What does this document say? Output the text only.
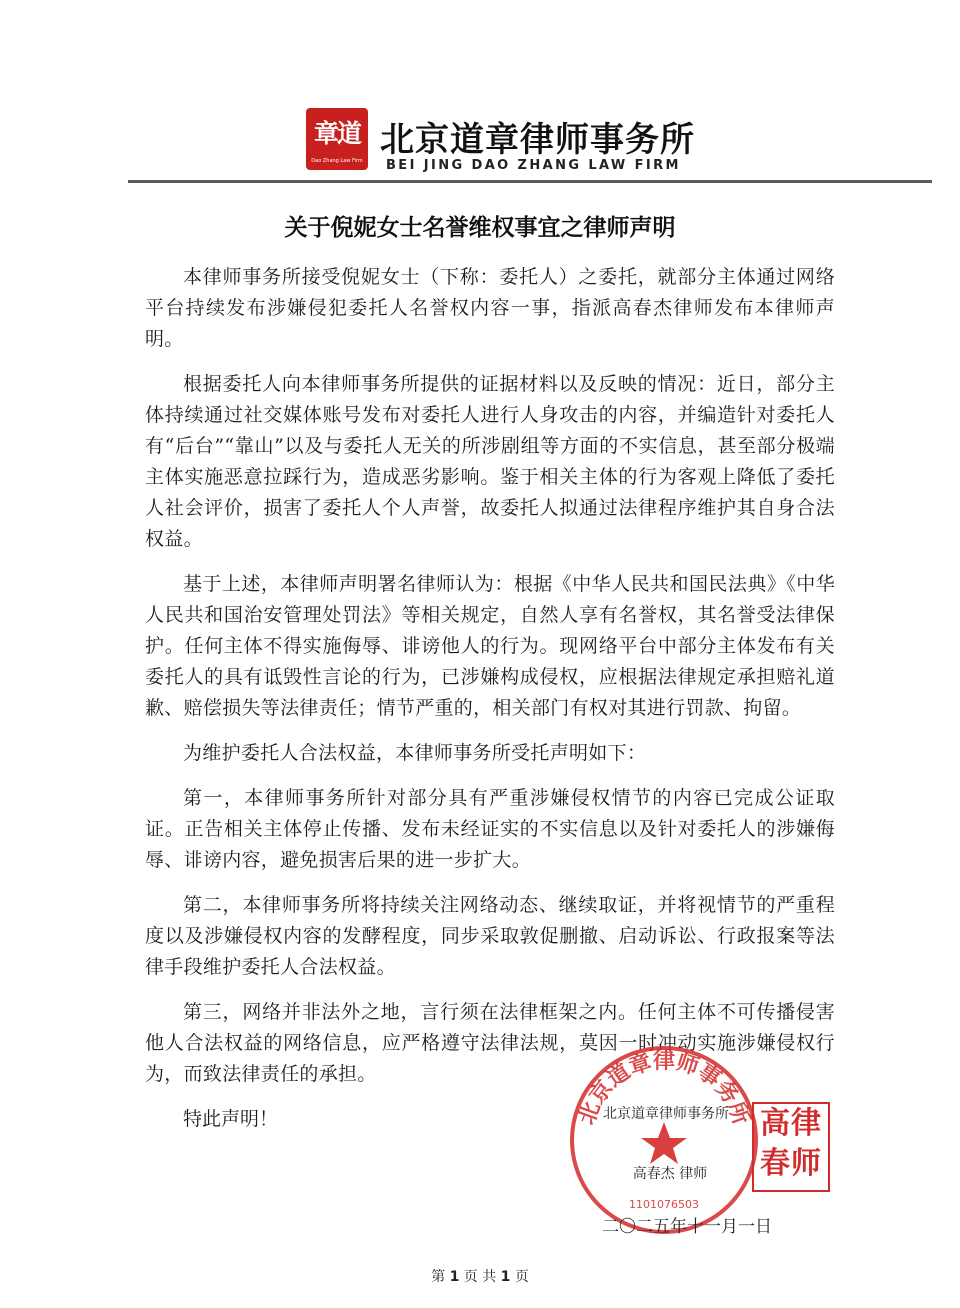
章道
Dao Zhang Law Firm
北京道章律师事务所
BEI JING DAO ZHANG LAW FIRM
关于倪妮女士名誉维权事宜之律师声明

本律师事务所接受倪妮女士（下称：委托人）之委托，就部分主体通过网络平台持续发布涉嫌侵犯委托人名誉权内容一事，指派高春杰律师发布本律师声明。

根据委托人向本律师事务所提供的证据材料以及反映的情况：近日，部分主体持续通过社交媒体账号发布对委托人进行人身攻击的内容，并编造针对委托人有“后台”“靠山”以及与委托人无关的所涉剧组等方面的不实信息，甚至部分极端主体实施恶意拉踩行为，造成恶劣影响。鉴于相关主体的行为客观上降低了委托人社会评价，损害了委托人个人声誉，故委托人拟通过法律程序维护其自身合法权益。

基于上述，本律师声明署名律师认为：根据《中华人民共和国民法典》《中华人民共和国治安管理处罚法》等相关规定，自然人享有名誉权，其名誉受法律保护。任何主体不得实施侮辱、诽谤他人的行为。现网络平台中部分主体发布有关委托人的具有诋毁性言论的行为，已涉嫌构成侵权，应根据法律规定承担赔礼道歉、赔偿损失等法律责任；情节严重的，相关部门有权对其进行罚款、拘留。

为维护委托人合法权益，本律师事务所受托声明如下：

第一，本律师事务所针对部分具有严重涉嫌侵权情节的内容已完成公证取证。正告相关主体停止传播、发布未经证实的不实信息以及针对委托人的涉嫌侮辱、诽谤内容，避免损害后果的进一步扩大。

第二，本律师事务所将持续关注网络动态、继续取证，并将视情节的严重程度以及涉嫌侵权内容的发酵程度，同步采取敦促删撤、启动诉讼、行政报案等法律手段维护委托人合法权益。

第三，网络并非法外之地，言行须在法律框架之内。任何主体不可传播侵害他人合法权益的网络信息，应严格遵守法律法规，莫因一时冲动实施涉嫌侵权行为，而致法律责任的承担。

特此声明！	北京道章律师事务所
北京道章律师事务所
高春杰 律师
1101076503
高律
春师
二〇二五年十一月一日
第 1 页 共 1 页
